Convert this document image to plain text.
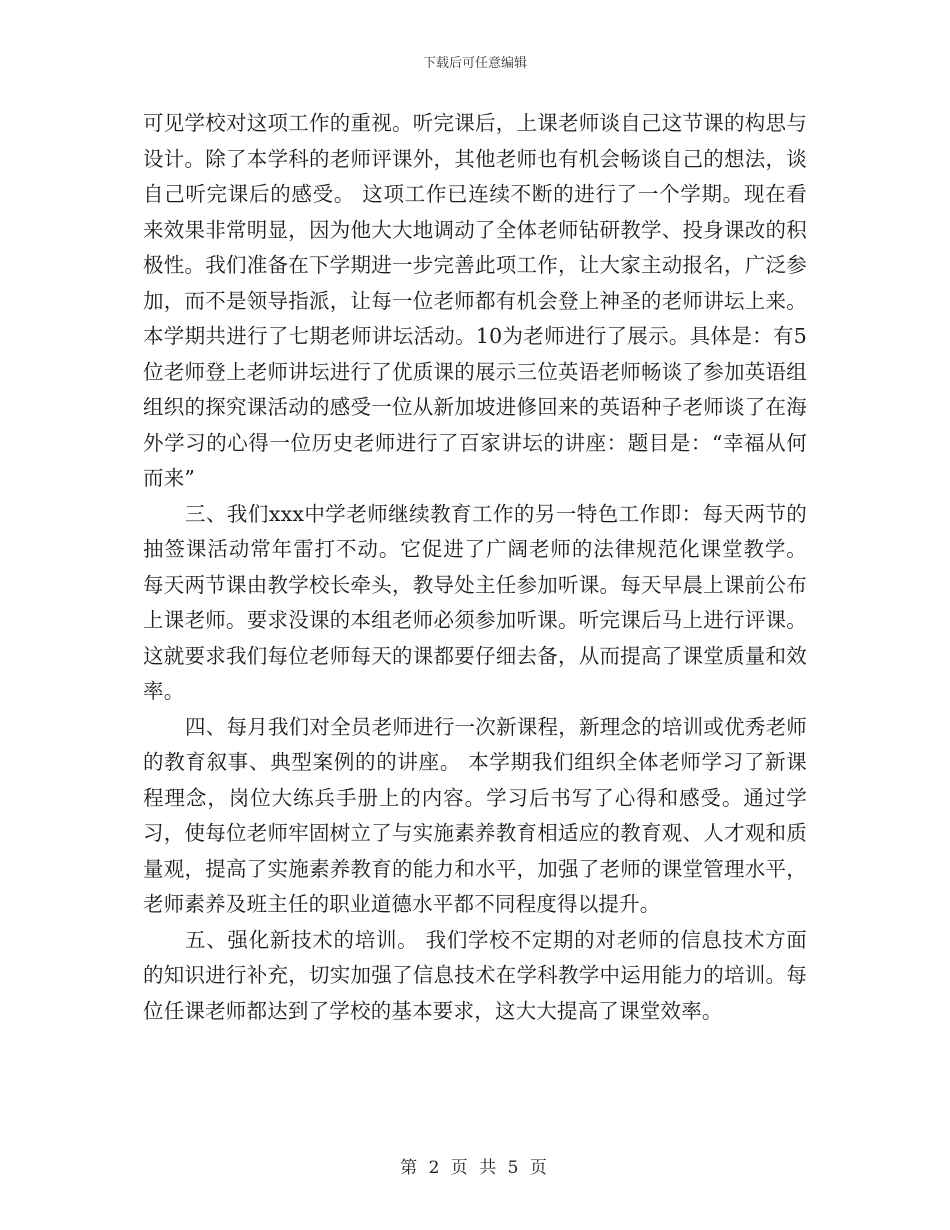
下载后可任意编辑

可见学校对这项工作的重视。听完课后，上课老师谈自己这节课的构思与设计。除了本学科的老师评课外，其他老师也有机会畅谈自己的想法，谈自己听完课后的感受。 这项工作已连续不断的进行了一个学期。现在看来效果非常明显，因为他大大地调动了全体老师钻研教学、投身课改的积极性。我们准备在下学期进一步完善此项工作，让大家主动报名，广泛参加，而不是领导指派，让每一位老师都有机会登上神圣的老师讲坛上来。 本学期共进行了七期老师讲坛活动。10为老师进行了展示。具体是：有5位老师登上老师讲坛进行了优质课的展示三位英语老师畅谈了参加英语组组织的探究课活动的感受一位从新加坡进修回来的英语种子老师谈了在海外学习的心得一位历史老师进行了百家讲坛的讲座：题目是：“幸福从何而来”

三、我们xxx中学老师继续教育工作的另一特色工作即：每天两节的抽签课活动常年雷打不动。它促进了广阔老师的法律规范化课堂教学。 每天两节课由教学校长牵头，教导处主任参加听课。每天早晨上课前公布上课老师。要求没课的本组老师必须参加听课。听完课后马上进行评课。这就要求我们每位老师每天的课都要仔细去备，从而提高了课堂质量和效率。

四、每月我们对全员老师进行一次新课程，新理念的培训或优秀老师的教育叙事、典型案例的的讲座。 本学期我们组织全体老师学习了新课程理念，岗位大练兵手册上的内容。学习后书写了心得和感受。通过学习，使每位老师牢固树立了与实施素养教育相适应的教育观、人才观和质量观，提高了实施素养教育的能力和水平，加强了老师的课堂管理水平，老师素养及班主任的职业道德水平都不同程度得以提升。

五、强化新技术的培训。 我们学校不定期的对老师的信息技术方面的知识进行补充，切实加强了信息技术在学科教学中运用能力的培训。每位任课老师都达到了学校的基本要求，这大大提高了课堂效率。

第 2 页 共 5 页
